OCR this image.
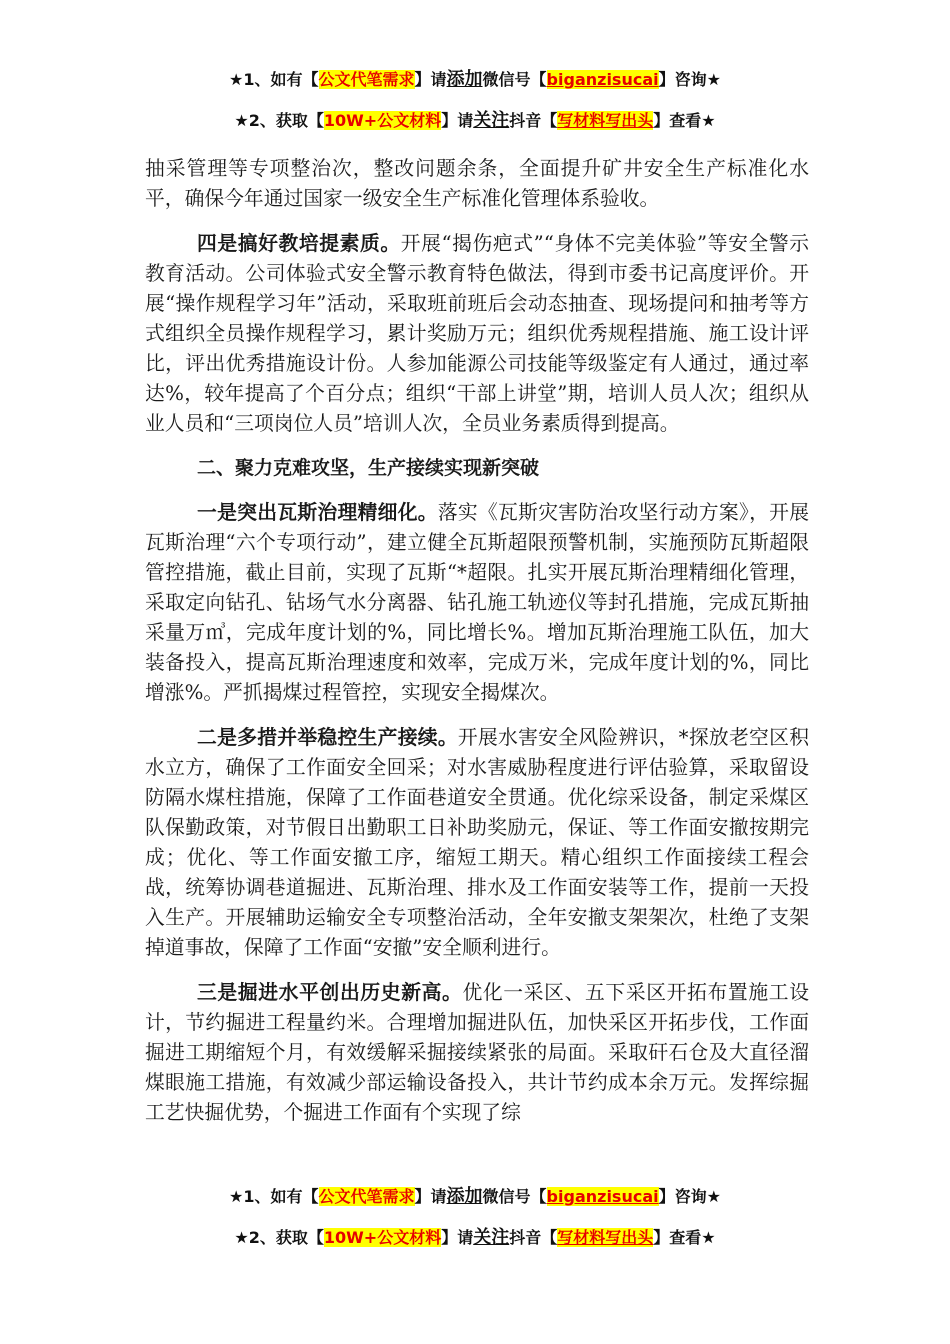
★1、如有【公文代笔需求】请添加微信号【biganzisucai】咨询★
★2、获取【10W+公文材料】请关注抖音【写材料写出头】查看★

抽采管理等专项整治次，整改问题余条，全面提升矿井安全生产标准化水平，确保今年通过国家一级安全生产标准化管理体系验收。

四是搞好教培提素质。开展“揭伤疤式”“身体不完美体验”等安全警示教育活动。公司体验式安全警示教育特色做法，得到市委书记高度评价。开展“操作规程学习年”活动，采取班前班后会动态抽查、现场提问和抽考等方式组织全员操作规程学习，累计奖励万元；组织优秀规程措施、施工设计评比，评出优秀措施设计份。人参加能源公司技能等级鉴定有人通过，通过率达%，较年提高了个百分点；组织“干部上讲堂”期，培训人员人次；组织从业人员和“三项岗位人员”培训人次，全员业务素质得到提高。

二、聚力克难攻坚，生产接续实现新突破

一是突出瓦斯治理精细化。落实《瓦斯灾害防治攻坚行动方案》，开展瓦斯治理“六个专项行动”，建立健全瓦斯超限预警机制，实施预防瓦斯超限管控措施，截止目前，实现了瓦斯“*超限。扎实开展瓦斯治理精细化管理，采取定向钻孔、钻场气水分离器、钻孔施工轨迹仪等封孔措施，完成瓦斯抽采量万㎥，完成年度计划的%，同比增长%。增加瓦斯治理施工队伍，加大装备投入，提高瓦斯治理速度和效率，完成万米，完成年度计划的%，同比增涨%。严抓揭煤过程管控，实现安全揭煤次。

二是多措并举稳控生产接续。开展水害安全风险辨识，*探放老空区积水立方，确保了工作面安全回采；对水害威胁程度进行评估验算，采取留设防隔水煤柱措施，保障了工作面巷道安全贯通。优化综采设备，制定采煤区队保勤政策，对节假日出勤职工日补助奖励元，保证、等工作面安撤按期完成；优化、等工作面安撤工序，缩短工期天。精心组织工作面接续工程会战，统筹协调巷道掘进、瓦斯治理、排水及工作面安装等工作，提前一天投入生产。开展辅助运输安全专项整治活动，全年安撤支架架次，杜绝了支架掉道事故，保障了工作面“安撤”安全顺利进行。

三是掘进水平创出历史新高。优化一采区、五下采区开拓布置施工设计，节约掘进工程量约米。合理增加掘进队伍，加快采区开拓步伐，工作面掘进工期缩短个月，有效缓解采掘接续紧张的局面。采取矸石仓及大直径溜煤眼施工措施，有效减少部运输设备投入，共计节约成本余万元。发挥综掘工艺快掘优势，个掘进工作面有个实现了综

★1、如有【公文代笔需求】请添加微信号【biganzisucai】咨询★
★2、获取【10W+公文材料】请关注抖音【写材料写出头】查看★
